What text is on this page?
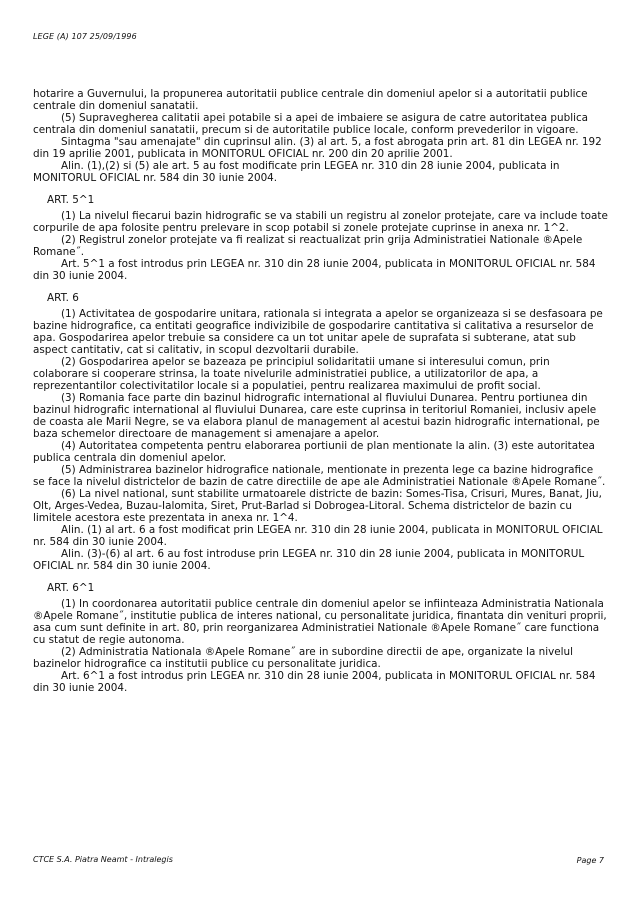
LEGE (A) 107 25/09/1996

hotarire a Guvernului, la propunerea autoritatii publice centrale din domeniul apelor si a autoritatii publice centrale din domeniul sanatatii.

(5) Supravegherea calitatii apei potabile si a apei de imbaiere se asigura de catre autoritatea publica centrala din domeniul sanatatii, precum si de autoritatile publice locale, conform prevederilor in vigoare.

Sintagma "sau amenajate" din cuprinsul alin. (3) al art. 5, a fost abrogata prin art. 81 din LEGEA nr. 192 din 19 aprilie 2001, publicata in MONITORUL OFICIAL nr. 200 din 20 aprilie 2001.

Alin. (1),(2) si (5) ale art. 5 au fost modificate prin LEGEA nr. 310 din 28 iunie 2004, publicata in MONITORUL OFICIAL nr. 584 din 30 iunie 2004.

ART. 5^1

(1) La nivelul fiecarui bazin hidrografic se va stabili un registru al zonelor protejate, care va include toate corpurile de apa folosite pentru prelevare in scop potabil si zonele protejate cuprinse in anexa nr. 1^2.

(2) Registrul zonelor protejate va fi realizat si reactualizat prin grija Administratiei Nationale ®Apele Romane˝.

Art. 5^1 a fost introdus prin LEGEA nr. 310 din 28 iunie 2004, publicata in MONITORUL OFICIAL nr. 584 din 30 iunie 2004.

ART. 6

(1) Activitatea de gospodarire unitara, rationala si integrata a apelor se organizeaza si se desfasoara pe bazine hidrografice, ca entitati geografice indivizibile de gospodarire cantitativa si calitativa a resurselor de apa. Gospodarirea apelor trebuie sa considere ca un tot unitar apele de suprafata si subterane, atat sub aspect cantitativ, cat si calitativ, in scopul dezvoltarii durabile.

(2) Gospodarirea apelor se bazeaza pe principiul solidaritatii umane si interesului comun, prin colaborare si cooperare strinsa, la toate nivelurile administratiei publice, a utilizatorilor de apa, a reprezentantilor colectivitatilor locale si a populatiei, pentru realizarea maximului de profit social.

(3) Romania face parte din bazinul hidrografic international al fluviului Dunarea. Pentru portiunea din bazinul hidrografic international al fluviului Dunarea, care este cuprinsa in teritoriul Romaniei, inclusiv apele de coasta ale Marii Negre, se va elabora planul de management al acestui bazin hidrografic international, pe baza schemelor directoare de management si amenajare a apelor.

(4) Autoritatea competenta pentru elaborarea portiunii de plan mentionate la alin. (3) este autoritatea publica centrala din domeniul apelor.

(5) Administrarea bazinelor hidrografice nationale, mentionate in prezenta lege ca bazine hidrografice se face la nivelul districtelor de bazin de catre directiile de ape ale Administratiei Nationale ®Apele Romane˝.

(6) La nivel national, sunt stabilite urmatoarele districte de bazin: Somes-Tisa, Crisuri, Mures, Banat, Jiu, Olt, Arges-Vedea, Buzau-Ialomita, Siret, Prut-Barlad si Dobrogea-Litoral. Schema districtelor de bazin cu limitele acestora este prezentata in anexa nr. 1^4.

Alin. (1) al art. 6 a fost modificat prin LEGEA nr. 310 din 28 iunie 2004, publicata in MONITORUL OFICIAL nr. 584 din 30 iunie 2004.

Alin. (3)-(6) al art. 6 au fost introduse prin LEGEA nr. 310 din 28 iunie 2004, publicata in MONITORUL OFICIAL nr. 584 din 30 iunie 2004.

ART. 6^1

(1) In coordonarea autoritatii publice centrale din domeniul apelor se infiinteaza Administratia Nationala ®Apele Romane˝, institutie publica de interes national, cu personalitate juridica, finantata din venituri proprii, asa cum sunt definite in art. 80, prin reorganizarea Administratiei Nationale ®Apele Romane˝ care functiona cu statut de regie autonoma.

(2) Administratia Nationala ®Apele Romane˝ are in subordine directii de ape, organizate la nivelul bazinelor hidrografice ca institutii publice cu personalitate juridica.

Art. 6^1 a fost introdus prin LEGEA nr. 310 din 28 iunie 2004, publicata in MONITORUL OFICIAL nr. 584 din 30 iunie 2004.

CTCE S.A. Piatra Neamt - Intralegis	Page 7
